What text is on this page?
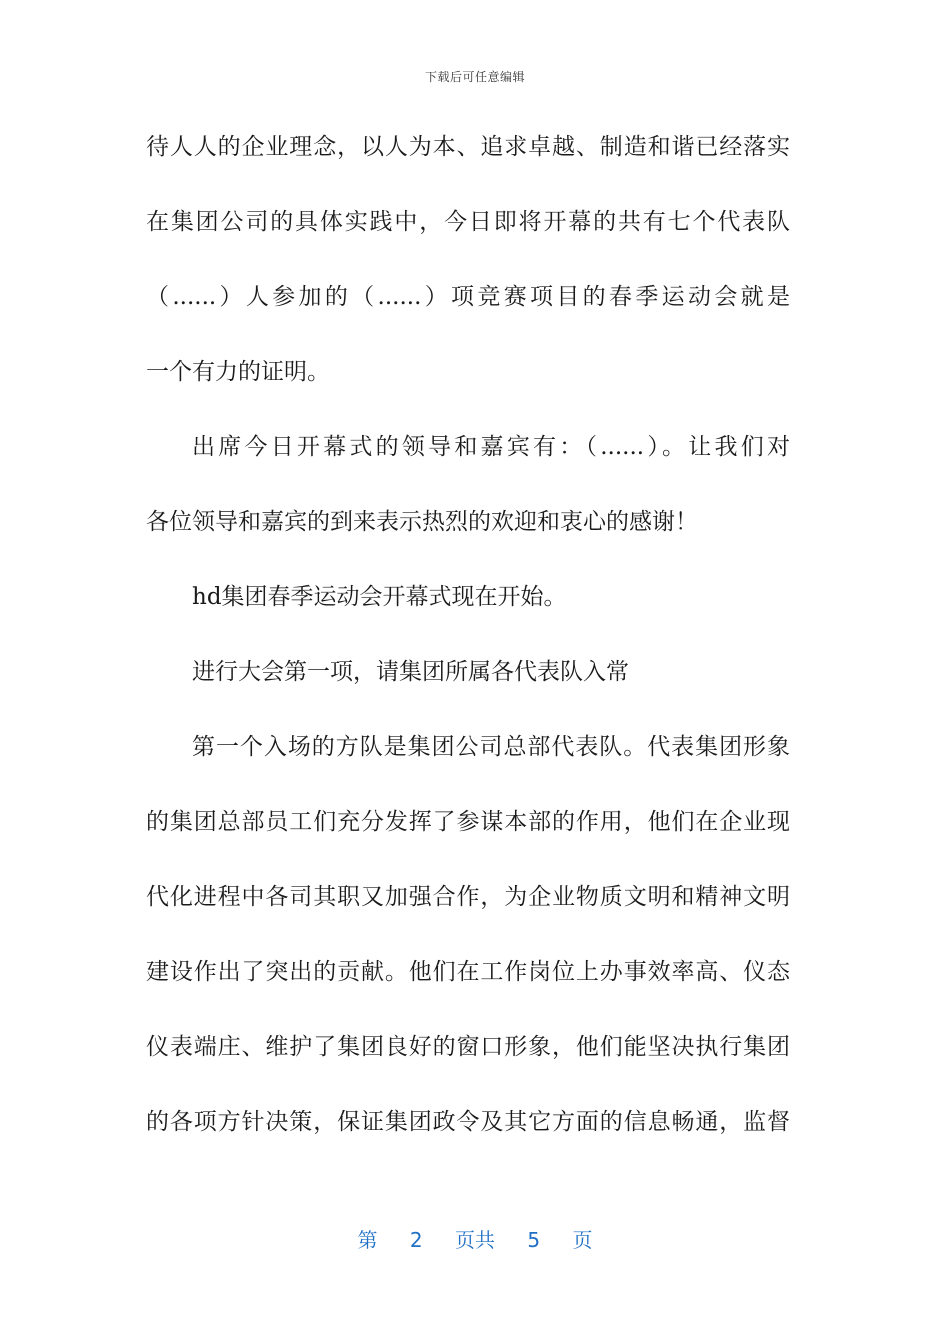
下载后可任意编辑
待人人的企业理念，以人为本、追求卓越、制造和谐已经落实
在集团公司的具体实践中，今日即将开幕的共有七个代表队
（......）人参加的（......）项竞赛项目的春季运动会就是
一个有力的证明。
出席今日开幕式的领导和嘉宾有：（......）。让我们对
各位领导和嘉宾的到来表示热烈的欢迎和衷心的感谢！
hd集团春季运动会开幕式现在开始。
进行大会第一项，请集团所属各代表队入常
第一个入场的方队是集团公司总部代表队。代表集团形象
的集团总部员工们充分发挥了参谋本部的作用，他们在企业现
代化进程中各司其职又加强合作，为企业物质文明和精神文明
建设作出了突出的贡献。他们在工作岗位上办事效率高、仪态
仪表端庄、维护了集团良好的窗口形象，他们能坚决执行集团
的各项方针决策，保证集团政令及其它方面的信息畅通，监督
第 2 页共 5 页
